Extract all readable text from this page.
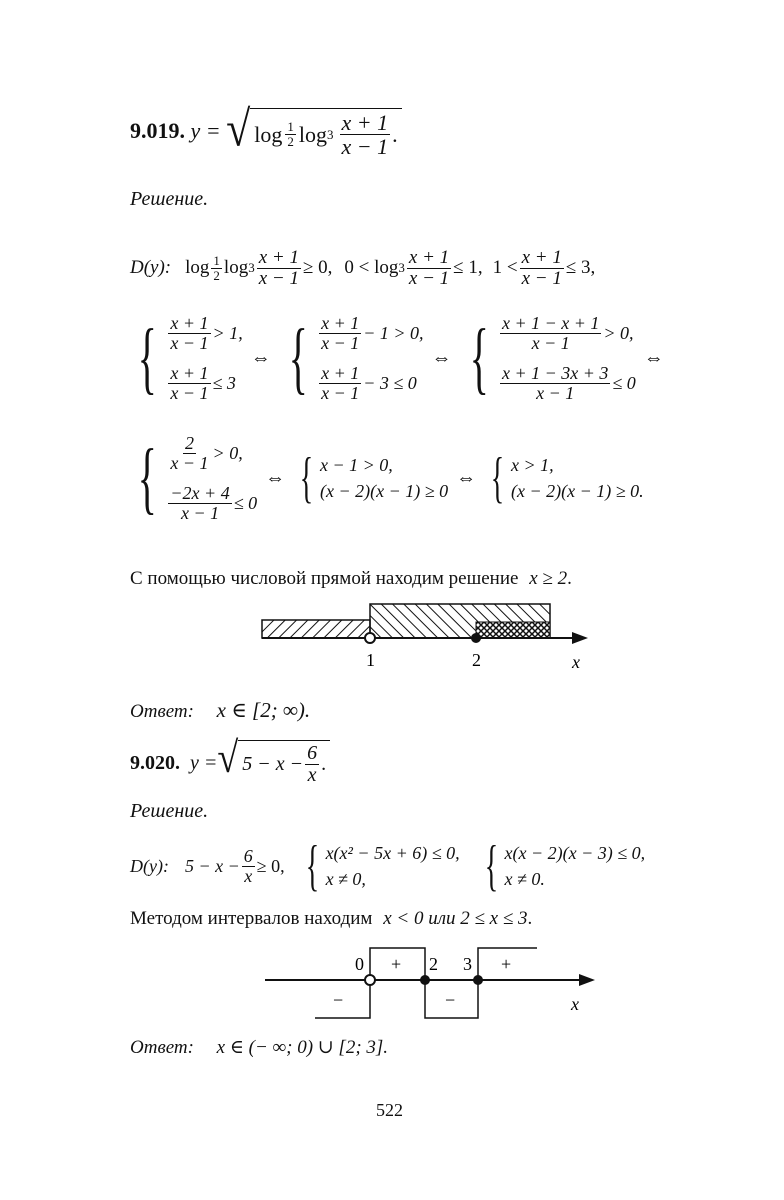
9.019. y = √ $\log \frac{1}{2}$ $\log 3 \frac{x + 1}{x - 1}$ .
Решение.
D(y): $\log \frac{1}{2}$ $\log 3 \frac{x + 1}{x - 1} \ge 0$, $0 < \log 3 \frac{x + 1}{x - 1} \le 1$, $1 < \frac{x + 1}{x - 1} \le 3$,
{ $\frac{x + 1}{x - 1} > 1$,
$\frac{x + 1}{x - 1} \le 3$
⇔ { $\frac{x + 1}{x - 1} - 1 > 0$,
$\frac{x + 1}{x - 1} - 3 \le 0$
⇔ { $\frac{x + 1 - x + 1}{x - 1} > 0$,
$\frac{x + 1 - 3x + 3}{x - 1} \le 0$
⇔
{ $\frac{2}{x - 1} > 0$,
$\frac{-2x + 4}{x - 1} \le 0$
⇔ { x − 1 > 0,
(x − 2)(x − 1) ≥ 0
⇔ { x > 1,
(x − 2)(x − 1) ≥ 0.
С помощью числовой прямой находим решение x ≥ 2.
1	2	x
Ответ: x ∈ [2; ∞).
9.020. y = √ $5 - x - \frac{6}{x}$ .
Решение.
D(y): $5 - x - \frac{6}{x} \ge 0$, { x(x² − 5x + 6) ≤ 0,
x ≠ 0,	{ x(x − 2)(x − 3) ≤ 0,
x ≠ 0.
Методом интервалов находим x < 0 или 2 ≤ x ≤ 3.
0	2 3
+	+
−	−	x
Ответ: x ∈ (− ∞; 0) ∪ [2; 3].
522
